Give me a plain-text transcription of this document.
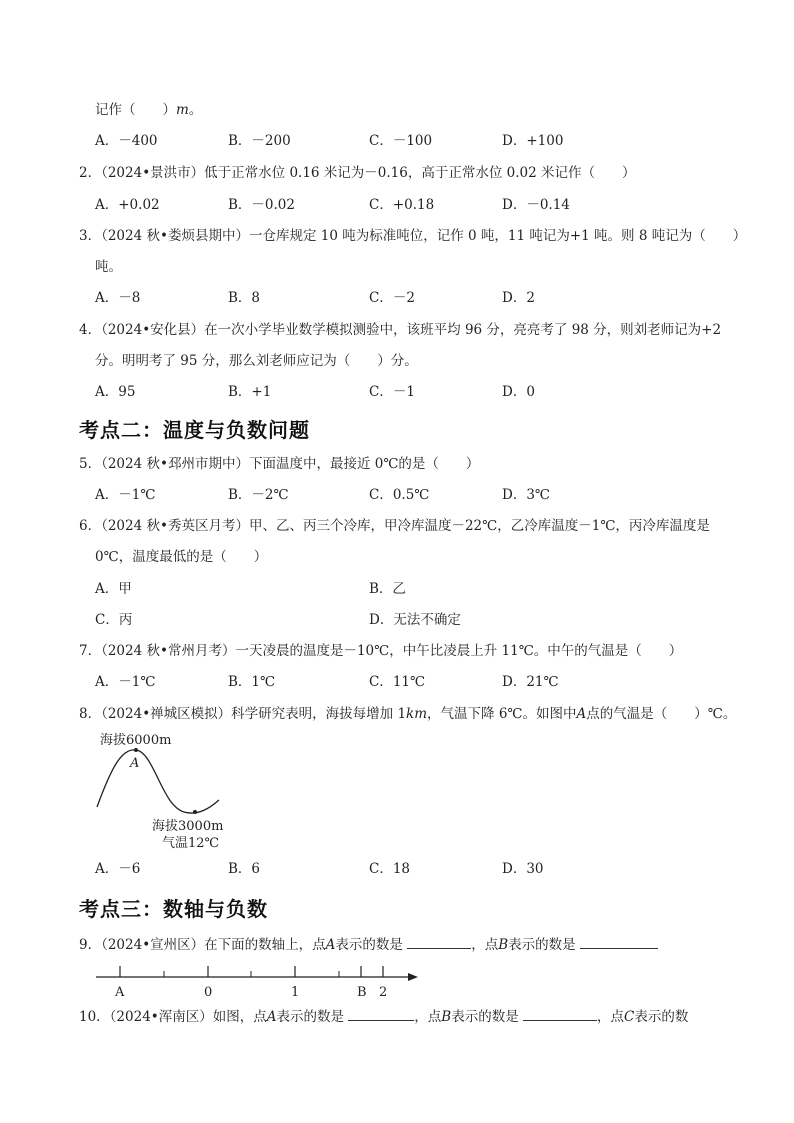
记作（　　）m。
A．－400	B．－200	C．－100	D．+100
2．（2024•景洪市）低于正常水位 0.16 米记为－0.16，高于正常水位 0.02 米记作（　　）
A．+0.02	B．－0.02	C．+0.18	D．－0.14
3．（2024 秋•娄烦县期中）一仓库规定 10 吨为标准吨位，记作 0 吨，11 吨记为+1 吨。则 8 吨记为（　　）
吨。
A．－8	B．8	C．－2	D．2
4．（2024•安化县）在一次小学毕业数学模拟测验中，该班平均 96 分，亮亮考了 98 分，则刘老师记为+2
分。明明考了 95 分，那么刘老师应记为（　　）分。
A．95	B．+1	C．－1	D．0
考点二：温度与负数问题
5．（2024 秋•邳州市期中）下面温度中，最接近 0℃的是（　　）
A．－1℃	B．－2℃	C．0.5℃	D．3℃
6．（2024 秋•秀英区月考）甲、乙、丙三个冷库，甲冷库温度－22℃，乙冷库温度－1℃，丙冷库温度是
0℃，温度最低的是（　　）
A．甲	B．乙
C．丙	D．无法不确定
7．（2024 秋•常州月考）一天凌晨的温度是－10℃，中午比凌晨上升 11℃。中午的气温是（　　）
A．－1℃	B．1℃	C．11℃	D．21℃
8．（2024•禅城区模拟）科学研究表明，海拔每增加 1km，气温下降 6℃。如图中A点的气温是（　　）℃。
海拔6000m
A
海拔3000m
气温12℃
A．－6	B．6	C．18	D．30
考点三：数轴与负数
9．（2024•宣州区）在下面的数轴上，点A表示的数是	，点B表示的数是
A	0	1	B 2
10．（2024•浑南区）如图，点A表示的数是	，点B表示的数是	，点C表示的数
